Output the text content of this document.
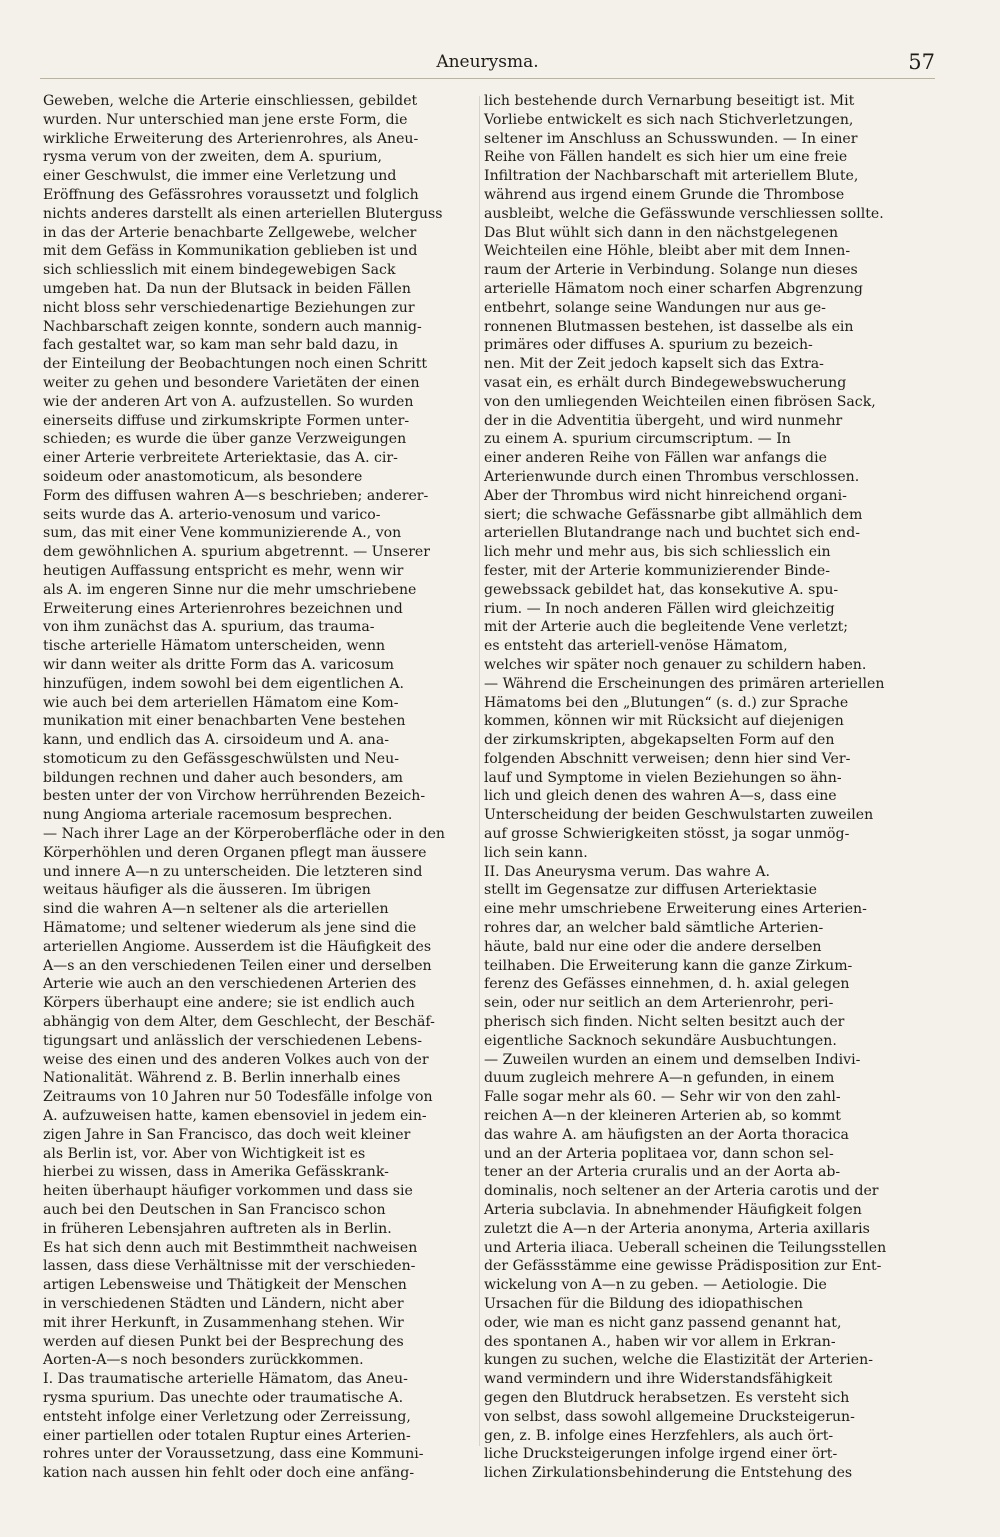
Aneurysma.	57
Geweben, welche die Arterie einschliessen, gebildet
wurden. Nur unterschied man jene erste Form, die
wirkliche Erweiterung des Arterienrohres, als Aneu-
rysma verum von der zweiten, dem A. spurium,
einer Geschwulst, die immer eine Verletzung und
Eröffnung des Gefässrohres voraussetzt und folglich
nichts anderes darstellt als einen arteriellen Bluterguss
in das der Arterie benachbarte Zellgewebe, welcher
mit dem Gefäss in Kommunikation geblieben ist und
sich schliesslich mit einem bindegewebigen Sack
umgeben hat. Da nun der Blutsack in beiden Fällen
nicht bloss sehr verschiedenartige Beziehungen zur
Nachbarschaft zeigen konnte, sondern auch mannig-
fach gestaltet war, so kam man sehr bald dazu, in
der Einteilung der Beobachtungen noch einen Schritt
weiter zu gehen und besondere Varietäten der einen
wie der anderen Art von A. aufzustellen. So wurden
einerseits diffuse und zirkumskripte Formen unter-
schieden; es wurde die über ganze Verzweigungen
einer Arterie verbreitete Arteriektasie, das A. cir-
soideum oder anastomoticum, als besondere
Form des diffusen wahren A—s beschrieben; anderer-
seits wurde das A. arterio-venosum und varico-
sum, das mit einer Vene kommunizierende A., von
dem gewöhnlichen A. spurium abgetrennt. — Unserer
heutigen Auffassung entspricht es mehr, wenn wir
als A. im engeren Sinne nur die mehr umschriebene
Erweiterung eines Arterienrohres bezeichnen und
von ihm zunächst das A. spurium, das trauma-
tische arterielle Hämatom unterscheiden, wenn
wir dann weiter als dritte Form das A. varicosum
hinzufügen, indem sowohl bei dem eigentlichen A.
wie auch bei dem arteriellen Hämatom eine Kom-
munikation mit einer benachbarten Vene bestehen
kann, und endlich das A. cirsoideum und A. ana-
stomoticum zu den Gefässgeschwülsten und Neu-
bildungen rechnen und daher auch besonders, am
besten unter der von Virchow herrührenden Bezeich-
nung Angioma arteriale racemosum besprechen.
— Nach ihrer Lage an der Körperoberfläche oder in den
Körperhöhlen und deren Organen pflegt man äussere
und innere A—n zu unterscheiden. Die letzteren sind
weitaus häufiger als die äusseren. Im übrigen
sind die wahren A—n seltener als die arteriellen
Hämatome; und seltener wiederum als jene sind die
arteriellen Angiome. Ausserdem ist die Häufigkeit des
A—s an den verschiedenen Teilen einer und derselben
Arterie wie auch an den verschiedenen Arterien des
Körpers überhaupt eine andere; sie ist endlich auch
abhängig von dem Alter, dem Geschlecht, der Beschäf-
tigungsart und anlässlich der verschiedenen Lebens-
weise des einen und des anderen Volkes auch von der
Nationalität. Während z. B. Berlin innerhalb eines
Zeitraums von 10 Jahren nur 50 Todesfälle infolge von
A. aufzuweisen hatte, kamen ebensoviel in jedem ein-
zigen Jahre in San Francisco, das doch weit kleiner
als Berlin ist, vor. Aber von Wichtigkeit ist es
hierbei zu wissen, dass in Amerika Gefässkrank-
heiten überhaupt häufiger vorkommen und dass sie
auch bei den Deutschen in San Francisco schon
in früheren Lebensjahren auftreten als in Berlin.
Es hat sich denn auch mit Bestimmtheit nachweisen
lassen, dass diese Verhältnisse mit der verschieden-
artigen Lebensweise und Thätigkeit der Menschen
in verschiedenen Städten und Ländern, nicht aber
mit ihrer Herkunft, in Zusammenhang stehen. Wir
werden auf diesen Punkt bei der Besprechung des
Aorten-A—s noch besonders zurückkommen.
I. Das traumatische arterielle Hämatom, das Aneu-
rysma spurium. Das unechte oder traumatische A.
entsteht infolge einer Verletzung oder Zerreissung,
einer partiellen oder totalen Ruptur eines Arterien-
rohres unter der Voraussetzung, dass eine Kommuni-
kation nach aussen hin fehlt oder doch eine anfäng-
lich bestehende durch Vernarbung beseitigt ist. Mit
Vorliebe entwickelt es sich nach Stichverletzungen,
seltener im Anschluss an Schusswunden. — In einer
Reihe von Fällen handelt es sich hier um eine freie
Infiltration der Nachbarschaft mit arteriellem Blute,
während aus irgend einem Grunde die Thrombose
ausbleibt, welche die Gefässwunde verschliessen sollte.
Das Blut wühlt sich dann in den nächstgelegenen
Weichteilen eine Höhle, bleibt aber mit dem Innen-
raum der Arterie in Verbindung. Solange nun dieses
arterielle Hämatom noch einer scharfen Abgrenzung
entbehrt, solange seine Wandungen nur aus ge-
ronnenen Blutmassen bestehen, ist dasselbe als ein
primäres oder diffuses A. spurium zu bezeich-
nen. Mit der Zeit jedoch kapselt sich das Extra-
vasat ein, es erhält durch Bindegewebswucherung
von den umliegenden Weichteilen einen fibrösen Sack,
der in die Adventitia übergeht, und wird nunmehr
zu einem A. spurium circumscriptum. — In
einer anderen Reihe von Fällen war anfangs die
Arterienwunde durch einen Thrombus verschlossen.
Aber der Thrombus wird nicht hinreichend organi-
siert; die schwache Gefässnarbe gibt allmählich dem
arteriellen Blutandrange nach und buchtet sich end-
lich mehr und mehr aus, bis sich schliesslich ein
fester, mit der Arterie kommunizierender Binde-
gewebssack gebildet hat, das konsekutive A. spu-
rium. — In noch anderen Fällen wird gleichzeitig
mit der Arterie auch die begleitende Vene verletzt;
es entsteht das arteriell-venöse Hämatom,
welches wir später noch genauer zu schildern haben.
— Während die Erscheinungen des primären arteriellen
Hämatoms bei den „Blutungen“ (s. d.) zur Sprache
kommen, können wir mit Rücksicht auf diejenigen
der zirkumskripten, abgekapselten Form auf den
folgenden Abschnitt verweisen; denn hier sind Ver-
lauf und Symptome in vielen Beziehungen so ähn-
lich und gleich denen des wahren A—s, dass eine
Unterscheidung der beiden Geschwulstarten zuweilen
auf grosse Schwierigkeiten stösst, ja sogar unmög-
lich sein kann.
II. Das Aneurysma verum. Das wahre A.
stellt im Gegensatze zur diffusen Arteriektasie
eine mehr umschriebene Erweiterung eines Arterien-
rohres dar, an welcher bald sämtliche Arterien-
häute, bald nur eine oder die andere derselben
teilhaben. Die Erweiterung kann die ganze Zirkum-
ferenz des Gefässes einnehmen, d. h. axial gelegen
sein, oder nur seitlich an dem Arterienrohr, peri-
pherisch sich finden. Nicht selten besitzt auch der
eigentliche Sacknoch sekundäre Ausbuchtungen.
— Zuweilen wurden an einem und demselben Indivi-
duum zugleich mehrere A—n gefunden, in einem
Falle sogar mehr als 60. — Sehr wir von den zahl-
reichen A—n der kleineren Arterien ab, so kommt
das wahre A. am häufigsten an der Aorta thoracica
und an der Arteria poplitaea vor, dann schon sel-
tener an der Arteria cruralis und an der Aorta ab-
dominalis, noch seltener an der Arteria carotis und der
Arteria subclavia. In abnehmender Häufigkeit folgen
zuletzt die A—n der Arteria anonyma, Arteria axillaris
und Arteria iliaca. Ueberall scheinen die Teilungsstellen
der Gefässstämme eine gewisse Prädisposition zur Ent-
wickelung von A—n zu geben. — Aetiologie. Die
Ursachen für die Bildung des idiopathischen
oder, wie man es nicht ganz passend genannt hat,
des spontanen A., haben wir vor allem in Erkran-
kungen zu suchen, welche die Elastizität der Arterien-
wand vermindern und ihre Widerstandsfähigkeit
gegen den Blutdruck herabsetzen. Es versteht sich
von selbst, dass sowohl allgemeine Drucksteigerun-
gen, z. B. infolge eines Herzfehlers, als auch ört-
liche Drucksteigerungen infolge irgend einer ört-
lichen Zirkulationsbehinderung die Entstehung des
